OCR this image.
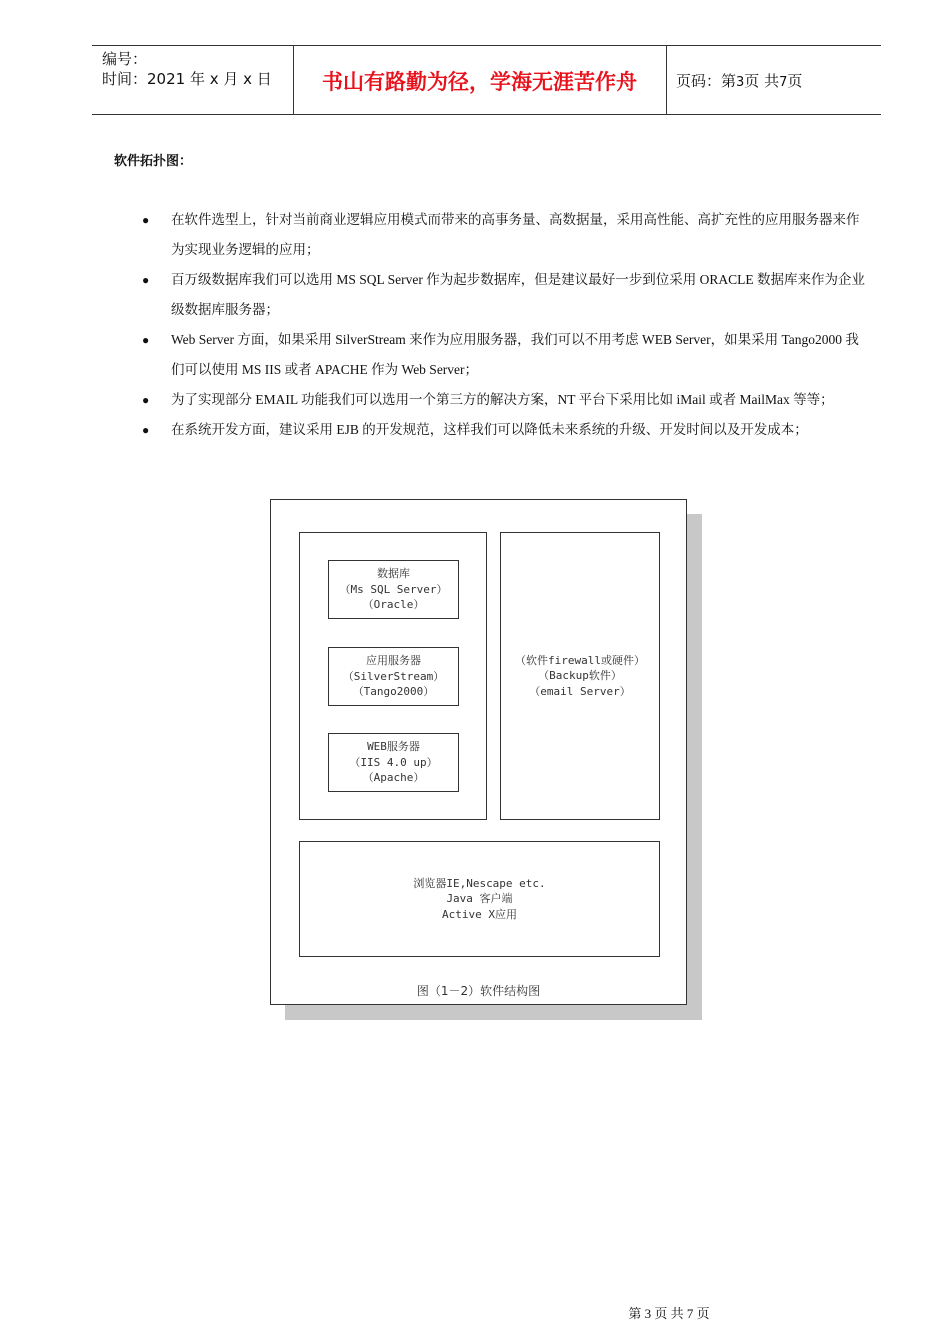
编号：
时间：2021 年 x 月 x 日	书山有路勤为径，学海无涯苦作舟	页码：第3页 共7页
软件拓扑图：
● 在软件选型上，针对当前商业逻辑应用模式而带来的高事务量、高数据量，采用高性能、高扩充性的应用服务器来作为实现业务逻辑的应用；
● 百万级数据库我们可以选用 MS SQL Server 作为起步数据库，但是建议最好一步到位采用 ORACLE 数据库来作为企业级数据库服务器；
● Web Server 方面，如果采用 SilverStream 来作为应用服务器，我们可以不用考虑 WEB Server，如果采用 Tango2000 我们可以使用 MS IIS 或者 APACHE 作为 Web Server；
● 为了实现部分 EMAIL 功能我们可以选用一个第三方的解决方案，NT 平台下采用比如 iMail 或者 MailMax 等等；
● 在系统开发方面，建议采用 EJB 的开发规范，这样我们可以降低未来系统的升级、开发时间以及开发成本；
数据库
（Ms SQL Server）
（Oracle）
应用服务器
（SilverStream）
（Tango2000）
WEB服务器
（IIS 4.0 up）
（Apache）
（软件firewall或硬件）
（Backup软件）
（email Server）
浏览器IE,Nescape etc.
Java 客户端
Active X应用
图（1－2）软件结构图
第 3 页 共 7 页
